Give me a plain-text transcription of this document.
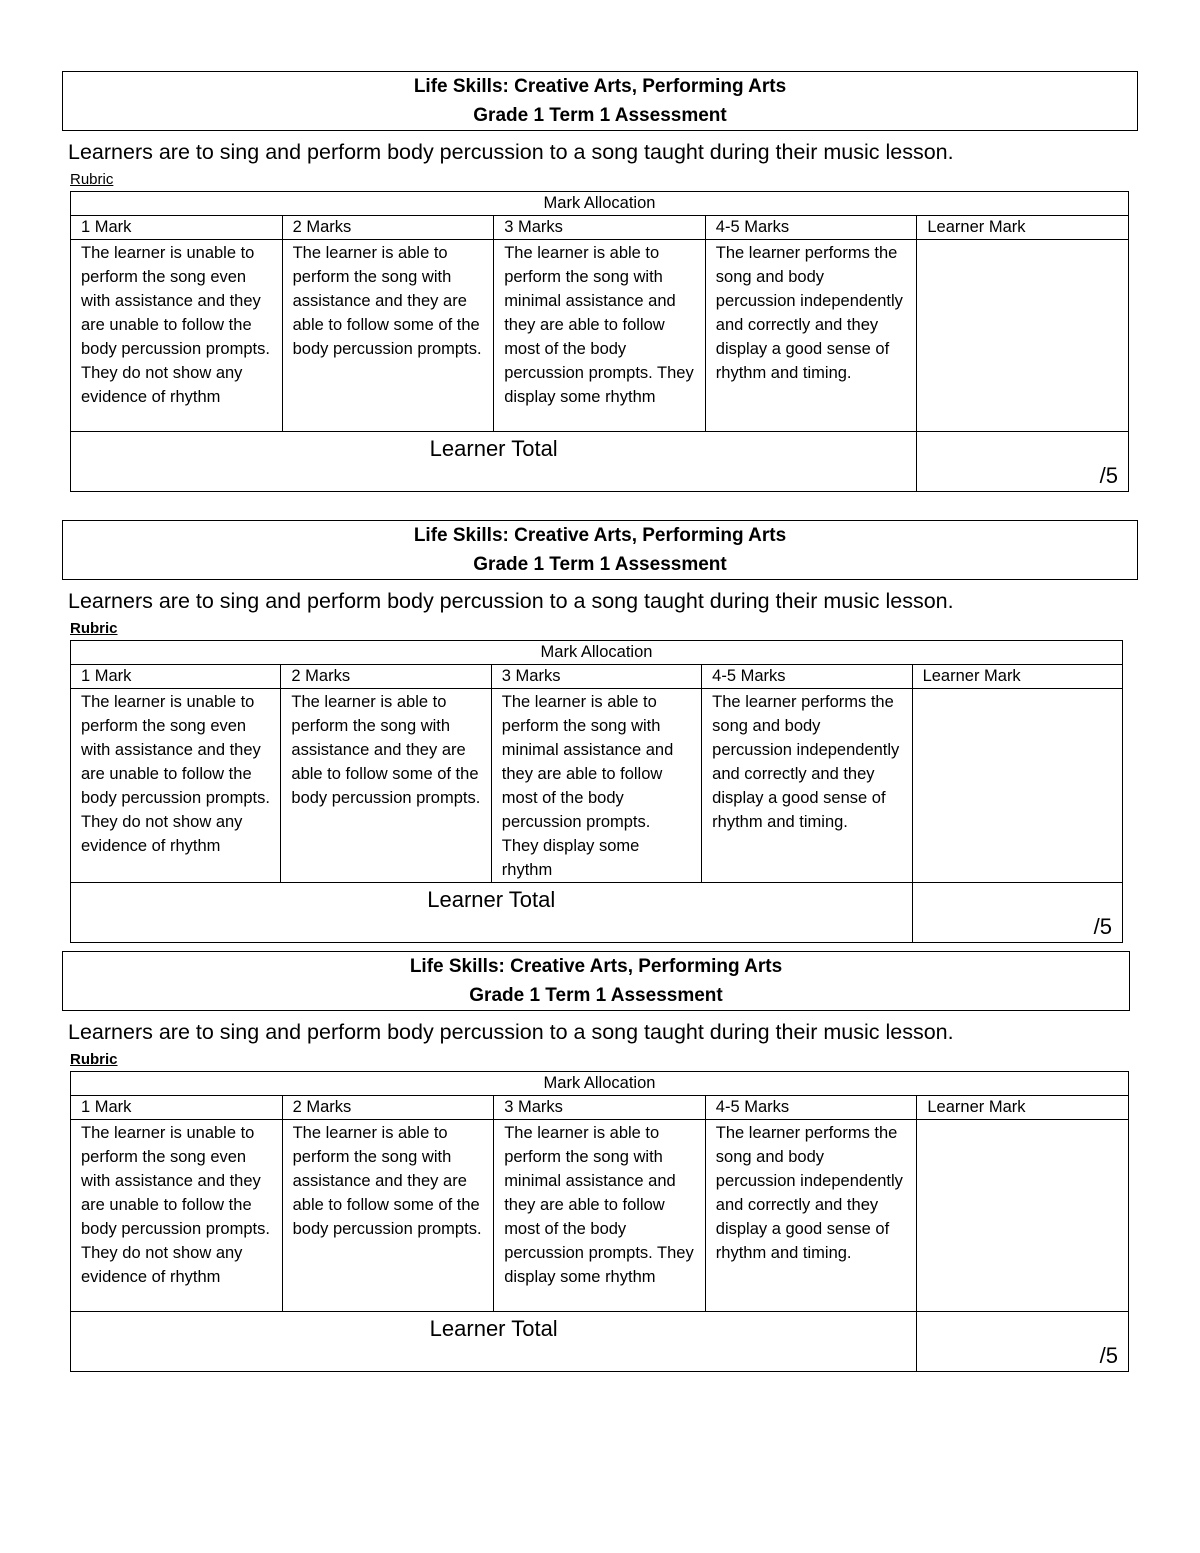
Life Skills: Creative Arts, Performing Arts
Grade 1 Term 1 Assessment
Learners are to sing and perform body percussion to a song taught during their music lesson.
Rubric
Mark Allocation				
1 Mark	2 Marks	3 Marks	4-5 Marks	Learner Mark
The learner is unable to perform the song even with assistance and they are unable to follow the body percussion prompts. They do not show any evidence of rhythm	The learner is able to perform the song with assistance and they are able to follow some of the body percussion prompts.	The learner is able to perform the song with minimal assistance and they are able to follow most of the body percussion prompts. They display some rhythm	The learner performs the song and body percussion independently and correctly and they display a good sense of rhythm and timing.	

Learner Total				/5
Life Skills: Creative Arts, Performing Arts
Grade 1 Term 1 Assessment
Learners are to sing and perform body percussion to a song taught during their music lesson.
Rubric
Mark Allocation				
1 Mark	2 Marks	3 Marks	4-5 Marks	Learner Mark
The learner is unable to perform the song even with assistance and they are unable to follow the body percussion prompts. They do not show any evidence of rhythm	The learner is able to perform the song with assistance and they are able to follow some of the body percussion prompts.	The learner is able to perform the song with minimal assistance and they are able to follow most of the body percussion prompts. They display some rhythm	The learner performs the song and body percussion independently and correctly and they display a good sense of rhythm and timing.	

Learner Total				/5
Life Skills: Creative Arts, Performing Arts
Grade 1 Term 1 Assessment
Learners are to sing and perform body percussion to a song taught during their music lesson.
Rubric
Mark Allocation				
1 Mark	2 Marks	3 Marks	4-5 Marks	Learner Mark
The learner is unable to perform the song even with assistance and they are unable to follow the body percussion prompts. They do not show any evidence of rhythm	The learner is able to perform the song with assistance and they are able to follow some of the body percussion prompts.	The learner is able to perform the song with minimal assistance and they are able to follow most of the body percussion prompts. They display some rhythm	The learner performs the song and body percussion independently and correctly and they display a good sense of rhythm and timing.	

Learner Total				/5
